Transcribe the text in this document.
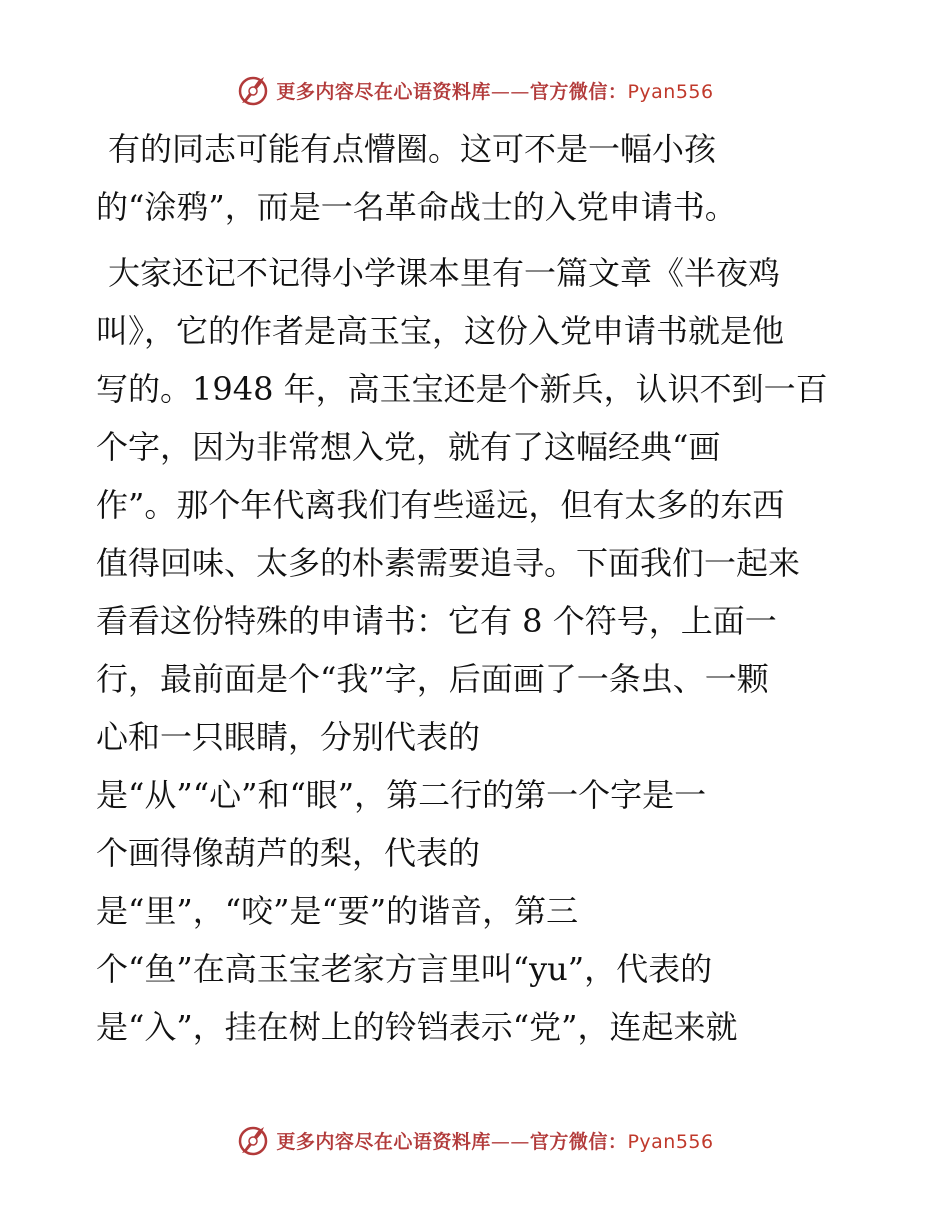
更多内容尽在心语资料库——官方微信：Pyan556
有的同志可能有点懵圈。这可不是一幅小孩
的“涂鸦”，而是一名革命战士的入党申请书。
大家还记不记得小学课本里有一篇文章《半夜鸡
叫》，它的作者是高玉宝，这份入党申请书就是他
写的。1948 年，高玉宝还是个新兵，认识不到一百
个字，因为非常想入党，就有了这幅经典“画
作”。那个年代离我们有些遥远，但有太多的东西
值得回味、太多的朴素需要追寻。下面我们一起来
看看这份特殊的申请书：它有 8 个符号，上面一
行，最前面是个“我”字，后面画了一条虫、一颗
心和一只眼睛，分别代表的
是“从”“心”和“眼”，第二行的第一个字是一
个画得像葫芦的梨，代表的
是“里”，“咬”是“要”的谐音，第三
个“鱼”在高玉宝老家方言里叫“yu”，代表的
是“入”，挂在树上的铃铛表示“党”，连起来就
更多内容尽在心语资料库——官方微信：Pyan556
